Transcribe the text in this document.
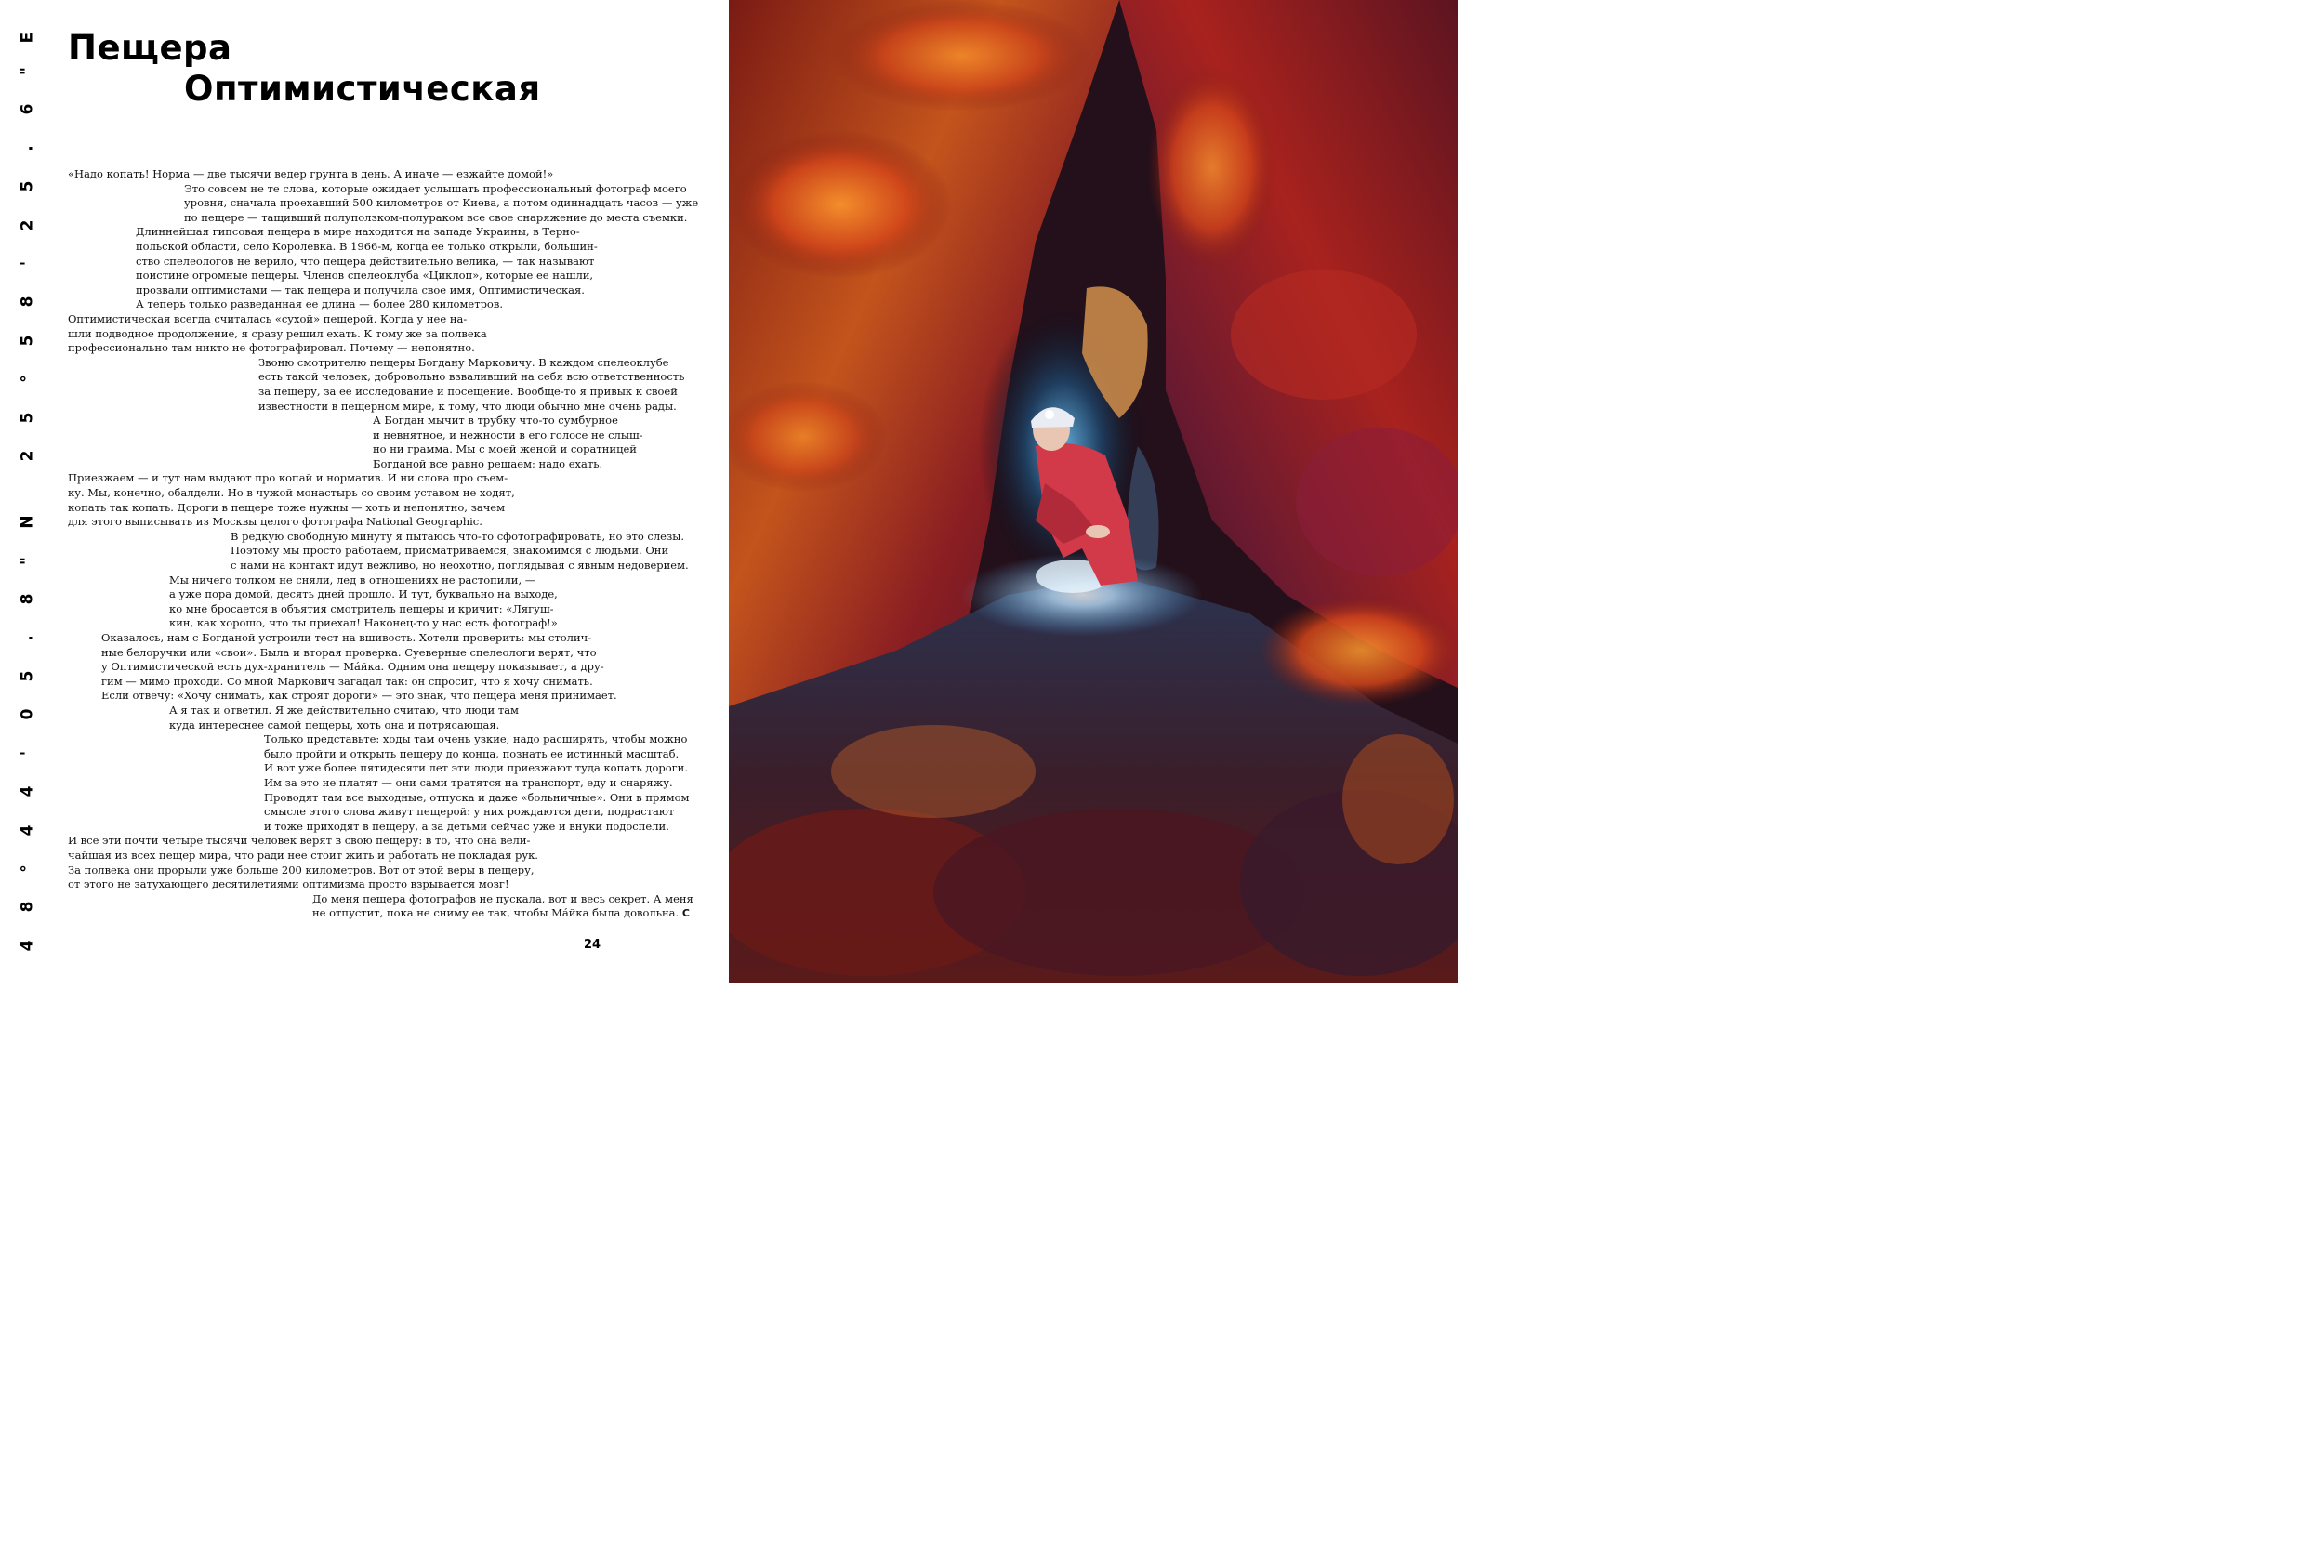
4
8
°
4
4
'
0
5
.
8
"
N
2
5
°
5
8
'
2
5
.
6
"
E Пещера
Оптимистическая
«Надо копать! Норма — две тысячи ведер грунта в день. А иначе — езжайте домой!»
Это совсем не те слова, которые ожидает услышать профессиональный фотограф моего
уровня, сначала проехавший 500 километров от Киева, а потом одиннадцать часов — уже
по пещере — тащивший полуползком-полураком все свое снаряжение до места съемки.
Длиннейшая гипсовая пещера в мире находится на западе Украины, в Терно-
польской области, село Королевка. В 1966-м, когда ее только открыли, большин-
ство спелеологов не верило, что пещера действительно велика, — так называют
поистине огромные пещеры. Членов спелеоклуба «Циклоп», которые ее нашли,
прозвали оптимистами — так пещера и получила свое имя, Оптимистическая.
А теперь только разведанная ее длина — более 280 километров.
Оптимистическая всегда считалась «сухой» пещерой. Когда у нее на-
шли подводное продолжение, я сразу решил ехать. К тому же за полвека
профессионально там никто не фотографировал. Почему — непонятно.
Звоню смотрителю пещеры Богдану Марковичу. В каждом спелеоклубе
есть такой человек, добровольно взваливший на себя всю ответственность
за пещеру, за ее исследование и посещение. Вообще-то я привык к своей
известности в пещерном мире, к тому, что люди обычно мне очень рады.
А Богдан мычит в трубку что-то сумбурное
и невнятное, и нежности в его голосе не слыш-
но ни грамма. Мы с моей женой и соратницей
Богданой все равно решаем: надо ехать.
Приезжаем — и тут нам выдают про копай и норматив. И ни слова про съем-
ку. Мы, конечно, обалдели. Но в чужой монастырь со своим уставом не ходят,
копать так копать. Дороги в пещере тоже нужны — хоть и непонятно, зачем
для этого выписывать из Москвы целого фотографа National Geographic.
В редкую свободную минуту я пытаюсь что-то сфотографировать, но это слезы.
Поэтому мы просто работаем, присматриваемся, знакомимся с людьми. Они
с нами на контакт идут вежливо, но неохотно, поглядывая с явным недоверием.
Мы ничего толком не сняли, лед в отношениях не растопили, —
а уже пора домой, десять дней прошло. И тут, буквально на выходе,
ко мне бросается в объятия смотритель пещеры и кричит: «Лягуш-
кин, как хорошо, что ты приехал! Наконец-то у нас есть фотограф!»
Оказалось, нам с Богданой устроили тест на вшивость. Хотели проверить: мы столич-
ные белоручки или «свои». Была и вторая проверка. Суеверные спелеологи верят, что
у Оптимистической есть дух-хранитель — Ма́йка. Одним она пещеру показывает, а дру-
гим — мимо проходи. Со мной Маркович загадал так: он спросит, что я хочу снимать.
Если отвечу: «Хочу снимать, как строят дороги» — это знак, что пещера меня принимает.
А я так и ответил. Я же действительно считаю, что люди там
куда интереснее самой пещеры, хоть она и потрясающая.
Только представьте: ходы там очень узкие, надо расширять, чтобы можно
было пройти и открыть пещеру до конца, познать ее истинный масштаб.
И вот уже более пятидесяти лет эти люди приезжают туда копать дороги.
Им за это не платят — они сами тратятся на транспорт, еду и снаряжу.
Проводят там все выходные, отпуска и даже «больничные». Они в прямом
смысле этого слова живут пещерой: у них рождаются дети, подрастают
и тоже приходят в пещеру, а за детьми сейчас уже и внуки подоспели.
И все эти почти четыре тысячи человек верят в свою пещеру: в то, что она вели-
чайшая из всех пещер мира, что ради нее стоит жить и работать не покладая рук.
За полвека они прорыли уже больше 200 километров. Вот от этой веры в пещеру,
от этого не затухающего десятилетиями оптимизма просто взрывается мозг!
До меня пещера фотографов не пускала, вот и весь секрет. А меня
не отпустит, пока не сниму ее так, чтобы Ма́йка была довольна. С
24
